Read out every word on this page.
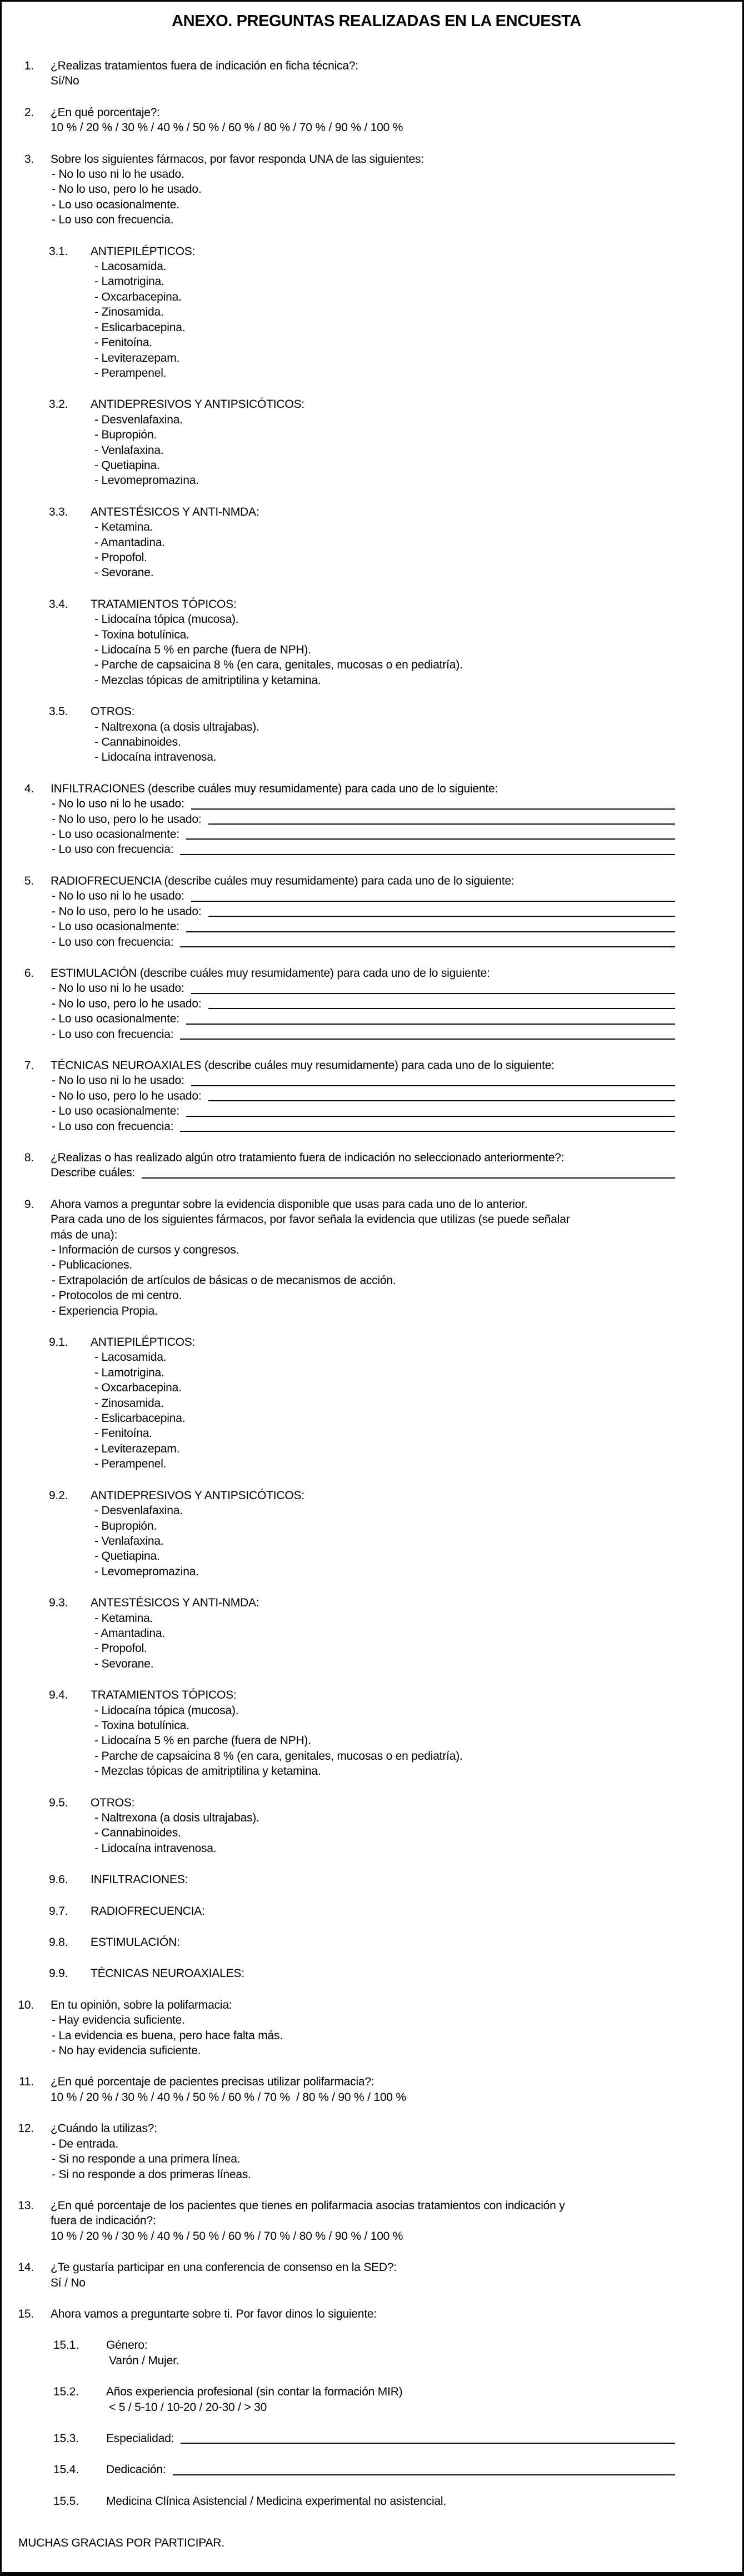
ANEXO. PREGUNTAS REALIZADAS EN LA ENCUESTA
1. ¿Realizas tratamientos fuera de indicación en ficha técnica?:
Sí/No
2. ¿En qué porcentaje?:
10 % / 20 % / 30 % / 40 % / 50 % / 60 % / 80 % / 70 % / 90 % / 100 %
3. Sobre los siguientes fármacos, por favor responda UNA de las siguientes:
- No lo uso ni lo he usado.
- No lo uso, pero lo he usado.
- Lo uso ocasionalmente.
- Lo uso con frecuencia.
3.1.	ANTIEPILÉPTICOS:
- Lacosamida.
- Lamotrigina.
- Oxcarbacepina.
- Zinosamida.
- Eslicarbacepina.
- Fenitoína.
- Leviterazepam.
- Perampenel.
3.2.	ANTIDEPRESIVOS Y ANTIPSICÓTICOS:
- Desvenlafaxina.
- Bupropión.
- Venlafaxina.
- Quetiapina.
- Levomepromazina.
3.3.	ANTESTÉSICOS Y ANTI-NMDA:
- Ketamina.
- Amantadina.
- Propofol.
- Sevorane.
3.4.	TRATAMIENTOS TÓPICOS:
- Lidocaína tópica (mucosa).
- Toxina botulínica.
- Lidocaína 5 % en parche (fuera de NPH).
- Parche de capsaicina 8 % (en cara, genitales, mucosas o en pediatría).
- Mezclas tópicas de amitriptilina y ketamina.
3.5.	OTROS:
- Naltrexona (a dosis ultrajabas).
- Cannabinoides.
- Lidocaína intravenosa.
4. INFILTRACIONES (describe cuáles muy resumidamente) para cada uno de lo siguiente:
- No lo uso ni lo he usado:
- No lo uso, pero lo he usado:
- Lo uso ocasionalmente:
- Lo uso con frecuencia:
5. RADIOFRECUENCIA (describe cuáles muy resumidamente) para cada uno de lo siguiente:
- No lo uso ni lo he usado:
- No lo uso, pero lo he usado:
- Lo uso ocasionalmente:
- Lo uso con frecuencia:
6. ESTIMULACIÓN (describe cuáles muy resumidamente) para cada uno de lo siguiente:
- No lo uso ni lo he usado:
- No lo uso, pero lo he usado:
- Lo uso ocasionalmente:
- Lo uso con frecuencia:
7. TÉCNICAS NEUROAXIALES (describe cuáles muy resumidamente) para cada uno de lo siguiente:
- No lo uso ni lo he usado:
- No lo uso, pero lo he usado:
- Lo uso ocasionalmente:
- Lo uso con frecuencia:
8. ¿Realizas o has realizado algún otro tratamiento fuera de indicación no seleccionado anteriormente?:
Describe cuáles:
9. Ahora vamos a preguntar sobre la evidencia disponible que usas para cada uno de lo anterior.
Para cada uno de los siguientes fármacos, por favor señala la evidencia que utilizas (se puede señalar
más de una):
- Información de cursos y congresos.
- Publicaciones.
- Extrapolación de artículos de básicas o de mecanismos de acción.
- Protocolos de mi centro.
- Experiencia Propia.
9.1.	ANTIEPILÉPTICOS:
- Lacosamida.
- Lamotrigina.
- Oxcarbacepina.
- Zinosamida.
- Eslicarbacepina.
- Fenitoína.
- Leviterazepam.
- Perampenel.
9.2.	ANTIDEPRESIVOS Y ANTIPSICÓTICOS:
- Desvenlafaxina.
- Bupropión.
- Venlafaxina.
- Quetiapina.
- Levomepromazina.
9.3.	ANTESTÉSICOS Y ANTI-NMDA:
- Ketamina.
- Amantadina.
- Propofol.
- Sevorane.
9.4.	TRATAMIENTOS TÓPICOS:
- Lidocaína tópica (mucosa).
- Toxina botulínica.
- Lidocaína 5 % en parche (fuera de NPH).
- Parche de capsaicina 8 % (en cara, genitales, mucosas o en pediatría).
- Mezclas tópicas de amitriptilina y ketamina.
9.5.	OTROS:
- Naltrexona (a dosis ultrajabas).
- Cannabinoides.
- Lidocaína intravenosa.
9.6.	INFILTRACIONES:
9.7.	RADIOFRECUENCIA:
9.8.	ESTIMULACIÓN:
9.9.	TÉCNICAS NEUROAXIALES:
10. En tu opinión, sobre la polifarmacia:
- Hay evidencia suficiente.
- La evidencia es buena, pero hace falta más.
- No hay evidencia suficiente.
11. ¿En qué porcentaje de pacientes precisas utilizar polifarmacia?:
10 % / 20 % / 30 % / 40 % / 50 % / 60 % / 70 %  / 80 % / 90 % / 100 %
12. ¿Cuándo la utilizas?:
- De entrada.
- Si no responde a una primera línea.
- Si no responde a dos primeras líneas.
13. ¿En qué porcentaje de los pacientes que tienes en polifarmacia asocias tratamientos con indicación y
fuera de indicación?:
10 % / 20 % / 30 % / 40 % / 50 % / 60 % / 70 % / 80 % / 90 % / 100 %
14. ¿Te gustaría participar en una conferencia de consenso en la SED?:
Sí / No
15. Ahora vamos a preguntarte sobre ti. Por favor dinos lo siguiente:
15.1.	Género:
Varón / Mujer.
15.2.	Años experiencia profesional (sin contar la formación MIR)
< 5 / 5-10 / 10-20 / 20-30 / > 30
15.3.	Especialidad:
15.4.	Dedicación:
15.5.	Medicina Clínica Asistencial / Medicina experimental no asistencial.
MUCHAS GRACIAS POR PARTICIPAR.
